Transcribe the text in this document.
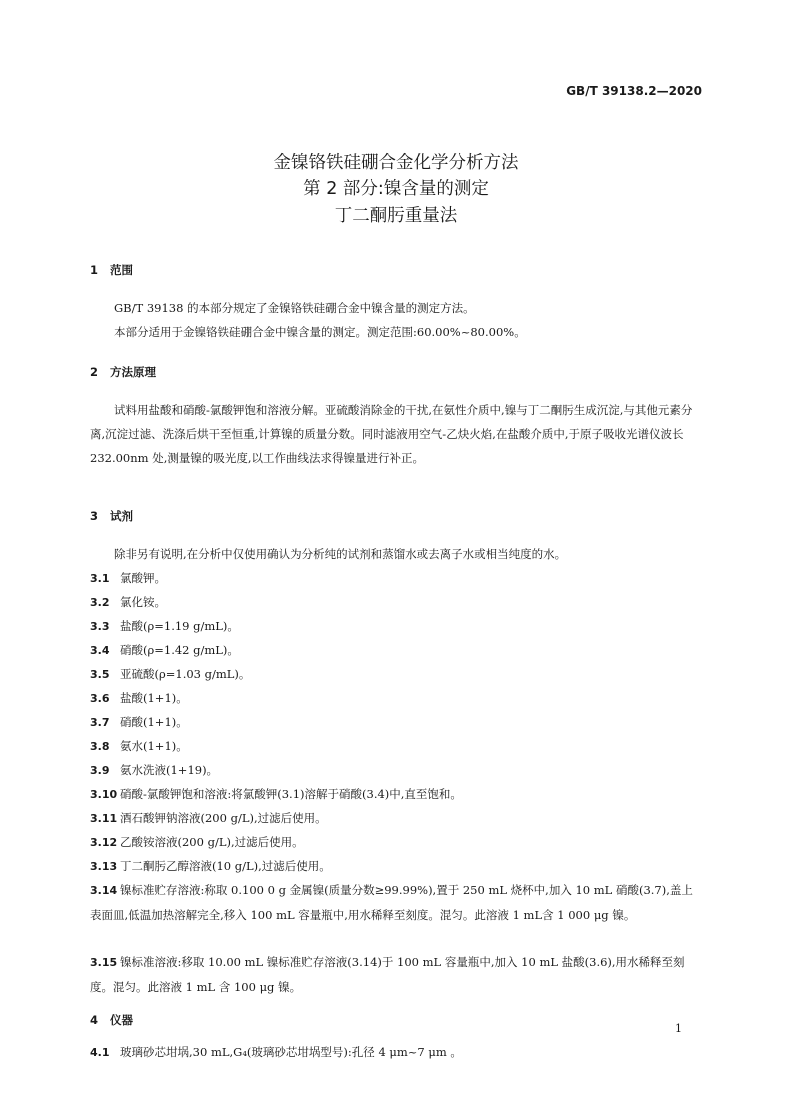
GB/T 39138.2—2020
金镍铬铁硅硼合金化学分析方法
第 2 部分:镍含量的测定
丁二酮肟重量法
1 范围
GB/T 39138 的本部分规定了金镍铬铁硅硼合金中镍含量的测定方法。
本部分适用于金镍铬铁硅硼合金中镍含量的测定。测定范围:60.00%~80.00%。
2 方法原理
试料用盐酸和硝酸-氯酸钾饱和溶液分解。亚硫酸消除金的干扰,在氨性介质中,镍与丁二酮肟生成沉淀,与其他元素分离,沉淀过滤、洗涤后烘干至恒重,计算镍的质量分数。同时滤液用空气-乙炔火焰,在盐酸介质中,于原子吸收光谱仪波长 232.00nm 处,测量镍的吸光度,以工作曲线法求得镍量进行补正。
3 试剂
除非另有说明,在分析中仅使用确认为分析纯的试剂和蒸馏水或去离子水或相当纯度的水。
3.1 氯酸钾。
3.2 氯化铵。
3.3 盐酸(ρ=1.19 g/mL)。
3.4 硝酸(ρ=1.42 g/mL)。
3.5 亚硫酸(ρ=1.03 g/mL)。
3.6 盐酸(1+1)。
3.7 硝酸(1+1)。
3.8 氨水(1+1)。
3.9 氨水洗液(1+19)。
3.10 硝酸-氯酸钾饱和溶液:将氯酸钾(3.1)溶解于硝酸(3.4)中,直至饱和。
3.11 酒石酸钾钠溶液(200 g/L),过滤后使用。
3.12 乙酸铵溶液(200 g/L),过滤后使用。
3.13 丁二酮肟乙醇溶液(10 g/L),过滤后使用。
3.14 镍标准贮存溶液:称取 0.100 0 g 金属镍(质量分数≥99.99%),置于 250 mL 烧杯中,加入 10 mL 硝酸(3.7),盖上表面皿,低温加热溶解完全,移入 100 mL 容量瓶中,用水稀释至刻度。混匀。此溶液 1 mL含 1 000 μg 镍。
3.15 镍标准溶液:移取 10.00 mL 镍标准贮存溶液(3.14)于 100 mL 容量瓶中,加入 10 mL 盐酸(3.6),用水稀释至刻度。混匀。此溶液 1 mL 含 100 μg 镍。
4 仪器
4.1 玻璃砂芯坩埚,30 mL,G₄(玻璃砂芯坩埚型号):孔径 4 μm~7 μm 。
1
